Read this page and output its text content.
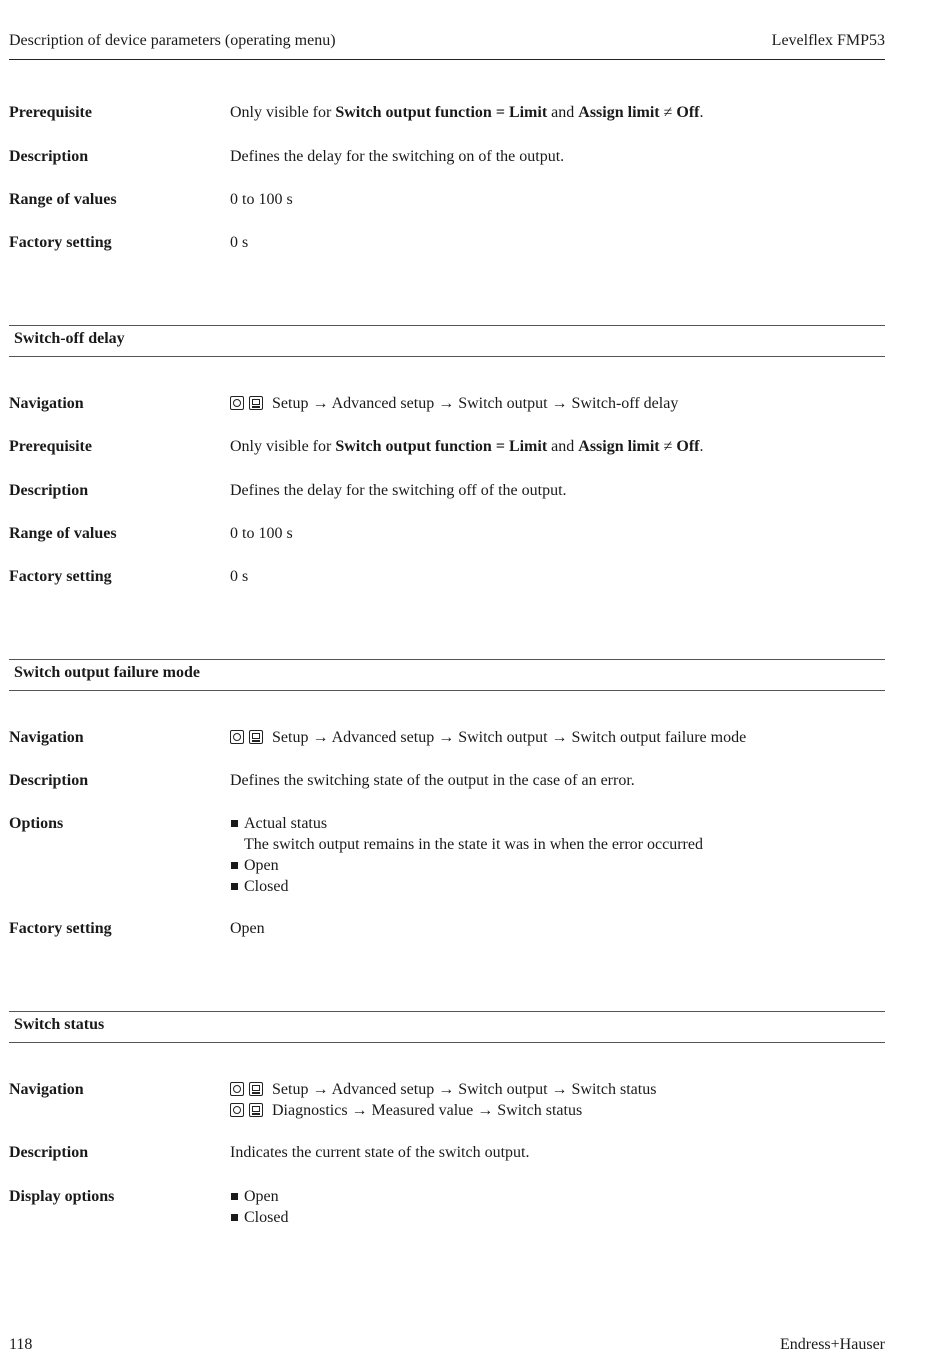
Description of device parameters (operating menu)	Levelflex FMP53
Prerequisite	Only visible for Switch output function = Limit and Assign limit ≠ Off.
Description	Defines the delay for the switching on of the output.
Range of values	0 to 100 s
Factory setting	0 s
Switch-off delay
Navigation	Setup → Advanced setup → Switch output → Switch-off delay
Prerequisite	Only visible for Switch output function = Limit and Assign limit ≠ Off.
Description	Defines the delay for the switching off of the output.
Range of values	0 to 100 s
Factory setting	0 s
Switch output failure mode
Navigation	Setup → Advanced setup → Switch output → Switch output failure mode
Description	Defines the switching state of the output in the case of an error.
Options	Actual status
The switch output remains in the state it was in when the error occurred
Open
Closed
Factory setting	Open
Switch status
Navigation	Setup → Advanced setup → Switch output → Switch status
Diagnostics → Measured value → Switch status
Description	Indicates the current state of the switch output.
Display options	Open
Closed
118	Endress+Hauser
